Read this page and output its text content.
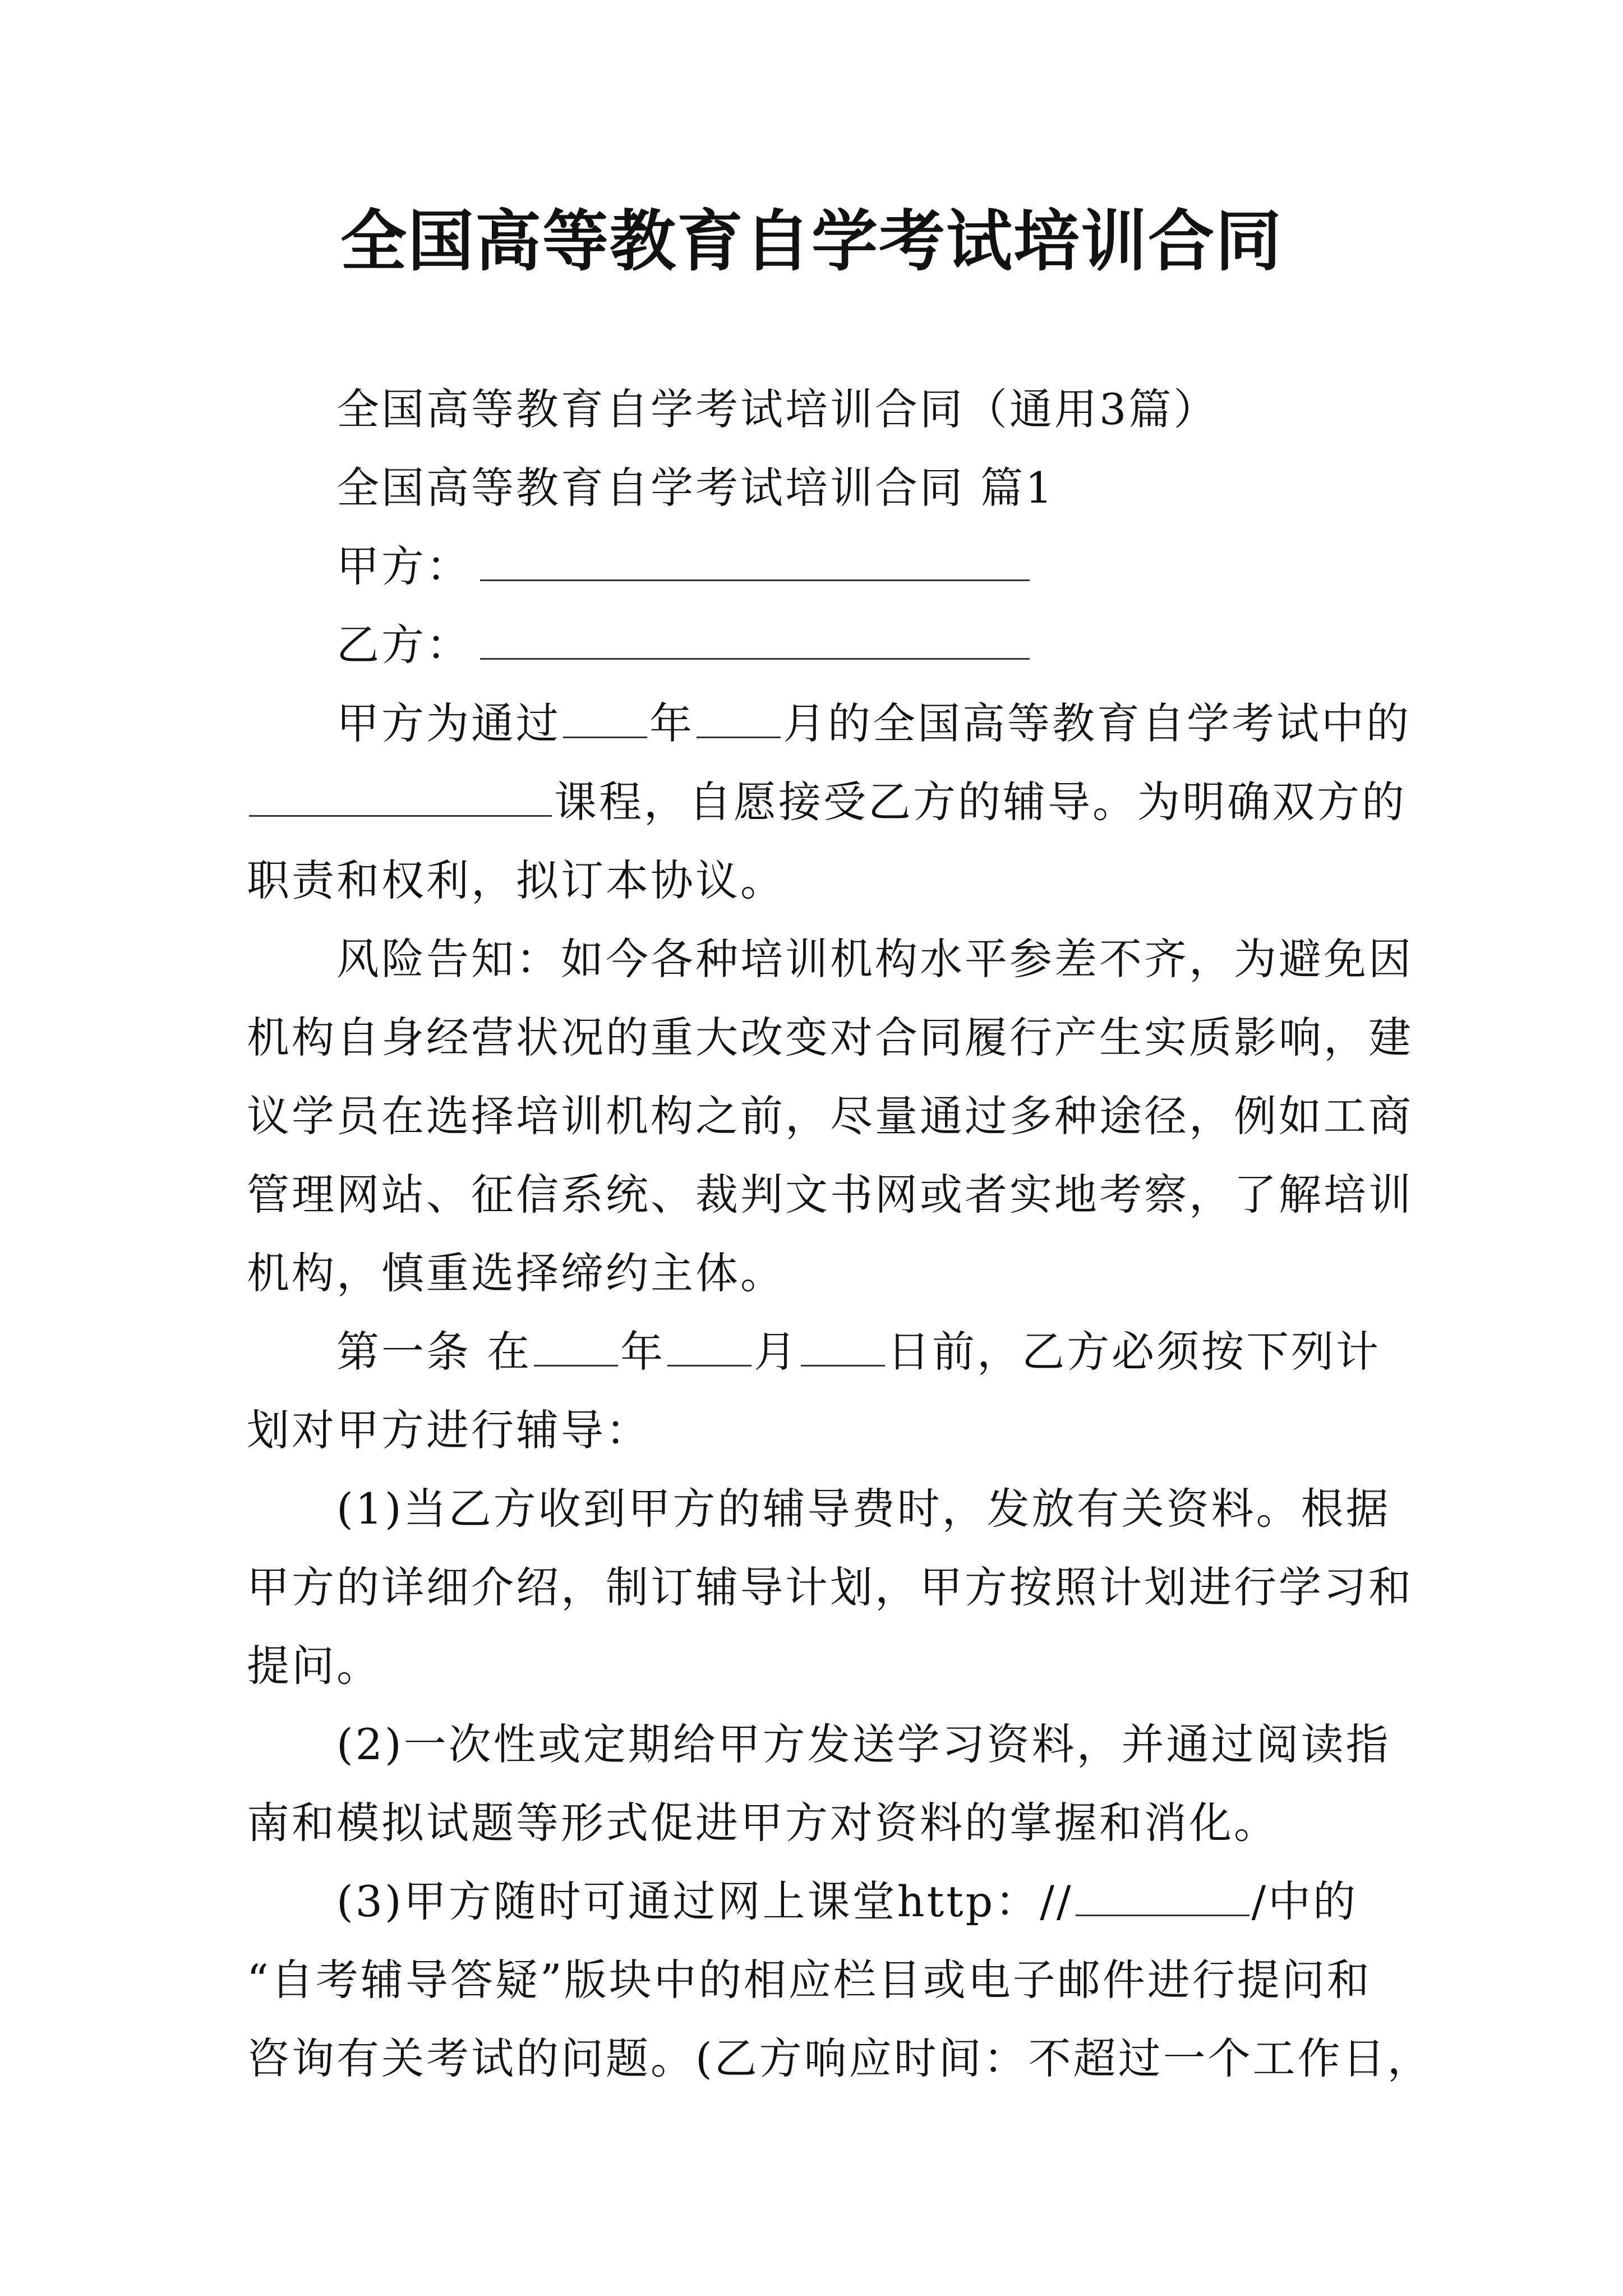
全国高等教育自学考试培训合同
全国高等教育自学考试培训合同（通用3篇）
全国高等教育自学考试培训合同 篇1
甲方：
乙方：
甲方为通过 年 月的全国高等教育自学考试中的
课程，自愿接受乙方的辅导。为明确双方的
职责和权利，拟订本协议。
风险告知：如今各种培训机构水平参差不齐，为避免因
机构自身经营状况的重大改变对合同履行产生实质影响，建
议学员在选择培训机构之前，尽量通过多种途径，例如工商
管理网站、征信系统、裁判文书网或者实地考察，了解培训
机构，慎重选择缔约主体。
第一条 在 年 月 日前，乙方必须按下列计
划对甲方进行辅导：
(1)当乙方收到甲方的辅导费时，发放有关资料。根据
甲方的详细介绍，制订辅导计划，甲方按照计划进行学习和
提问。
(2)一次性或定期给甲方发送学习资料，并通过阅读指
南和模拟试题等形式促进甲方对资料的掌握和消化。
(3)甲方随时可通过网上课堂http：//	/中的
“自考辅导答疑”版块中的相应栏目或电子邮件进行提问和
咨询有关考试的问题。(乙方响应时间：不超过一个工作日，
